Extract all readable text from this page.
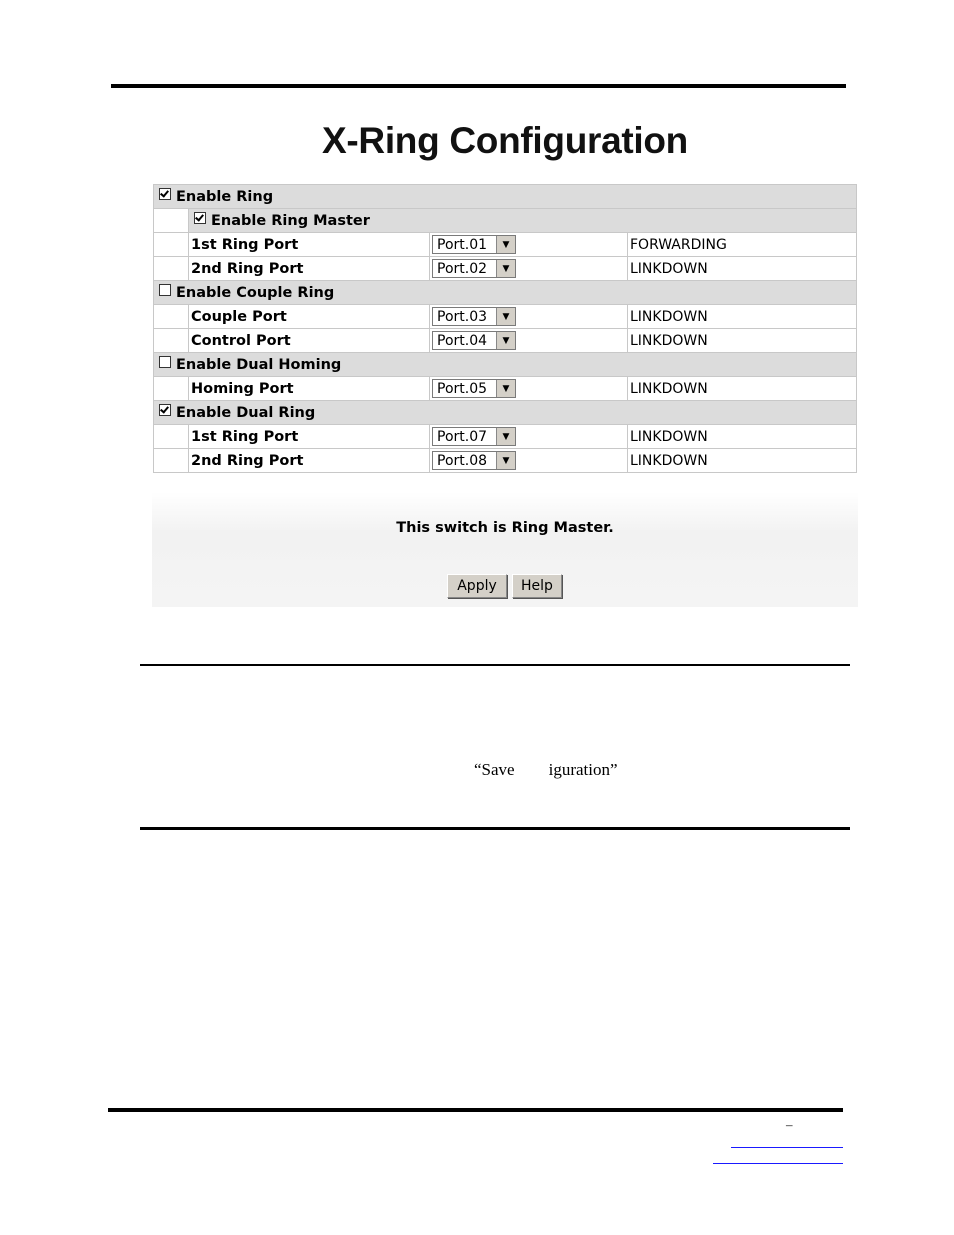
X-Ring Configuration
Enable Ring			
	Enable Ring Master		
	1st Ring Port	Port.01 ▼	FORWARDING
	2nd Ring Port	Port.02 ▼	LINKDOWN
Enable Couple Ring			
	Couple Port	Port.03 ▼	LINKDOWN
	Control Port	Port.04 ▼	LINKDOWN
Enable Dual Homing			
	Homing Port	Port.05 ▼	LINKDOWN
Enable Dual Ring			
	1st Ring Port	Port.07 ▼	LINKDOWN
	2nd Ring Port	Port.08 ▼	LINKDOWN
This switch is Ring Master.
Apply	Help
“Save        iguration”
–
